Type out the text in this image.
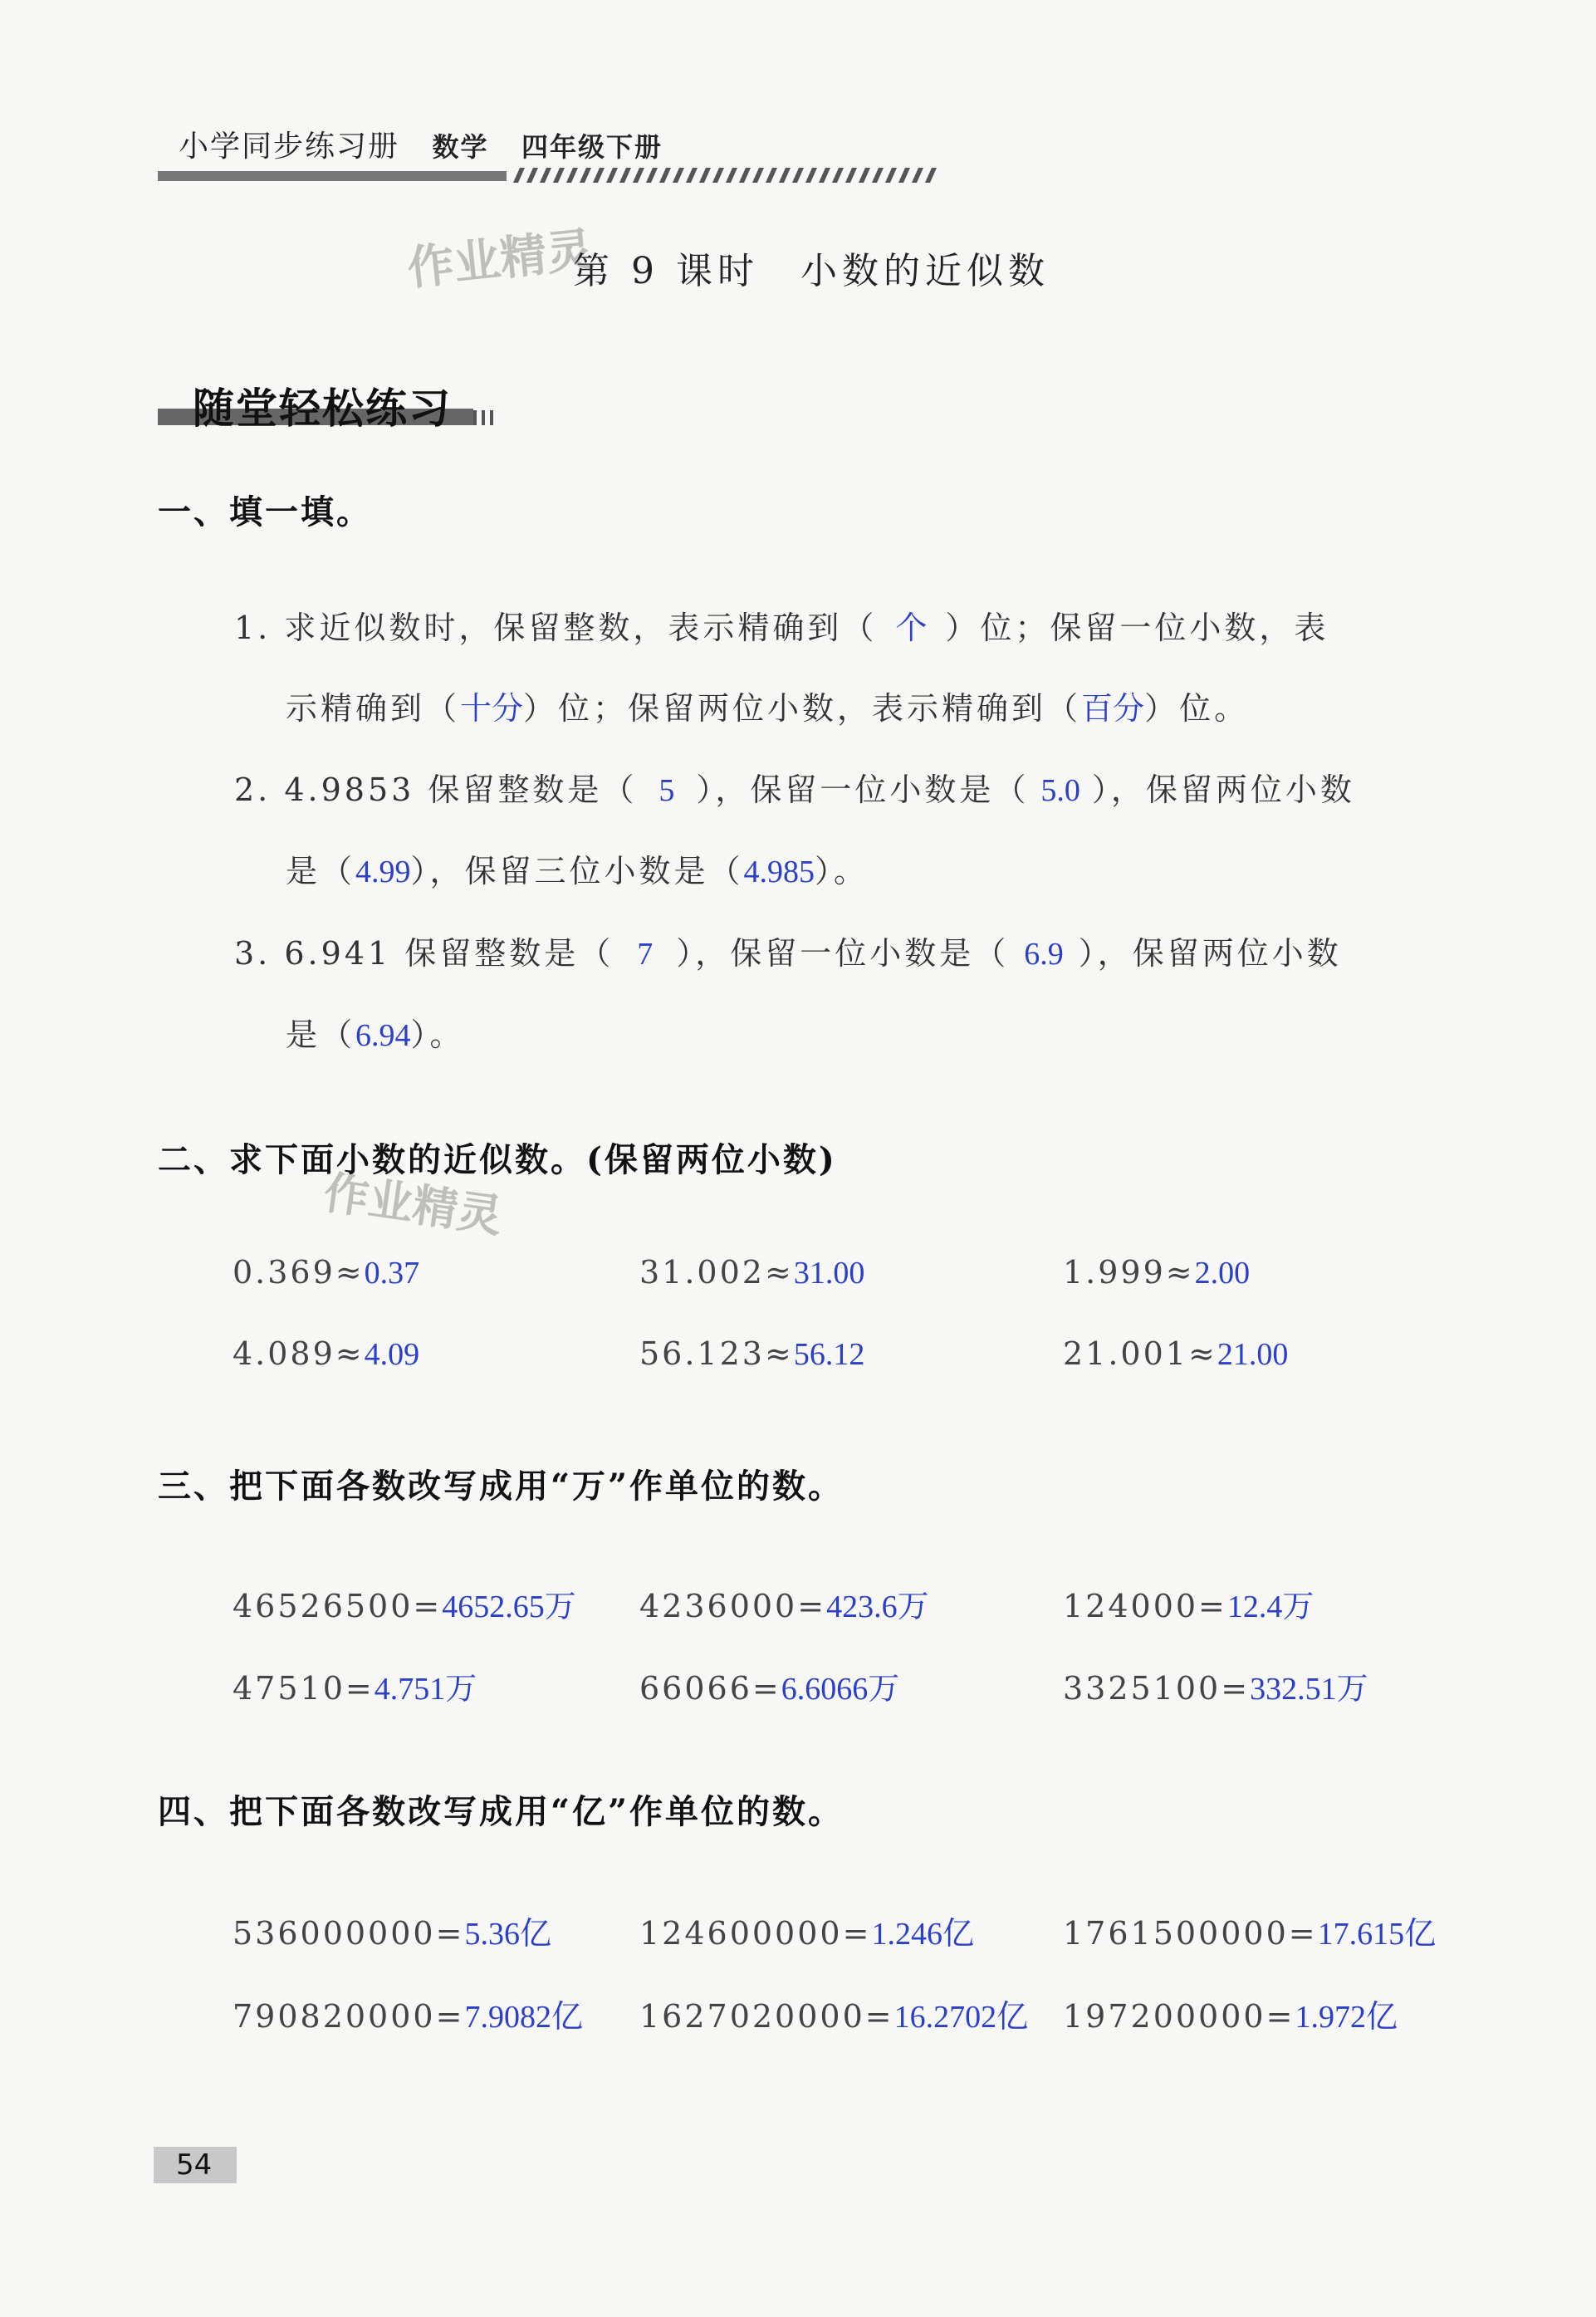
小学同步练习册 数学 四年级下册
作业精灵
作业精灵
第 9 课时　小数的近似数
随堂轻松练习
一、填一填。
1. 求近似数时，保留整数，表示精确到（ 个 ）位；保留一位小数，表
示精确到（十分）位；保留两位小数，表示精确到（百分）位。
2. 4.9853 保留整数是（ 5 ），保留一位小数是（ 5.0 ），保留两位小数
是（4.99），保留三位小数是（4.985）。
3. 6.941 保留整数是（ 7 ），保留一位小数是（ 6.9 ），保留两位小数
是（6.94）。
二、求下面小数的近似数。(保留两位小数)
0.369≈0.37	31.002≈31.00	1.999≈2.00
4.089≈4.09	56.123≈56.12	21.001≈21.00
三、把下面各数改写成用“万”作单位的数。
46526500=4652.65万 4236000=423.6万	124000=12.4万
47510=4.751万	66066=6.6066万	3325100=332.51万
四、把下面各数改写成用“亿”作单位的数。
536000000=5.36亿	124600000=1.246亿	1761500000=17.615亿
790820000=7.9082亿 1627020000=16.2702亿 197200000=1.972亿
54
